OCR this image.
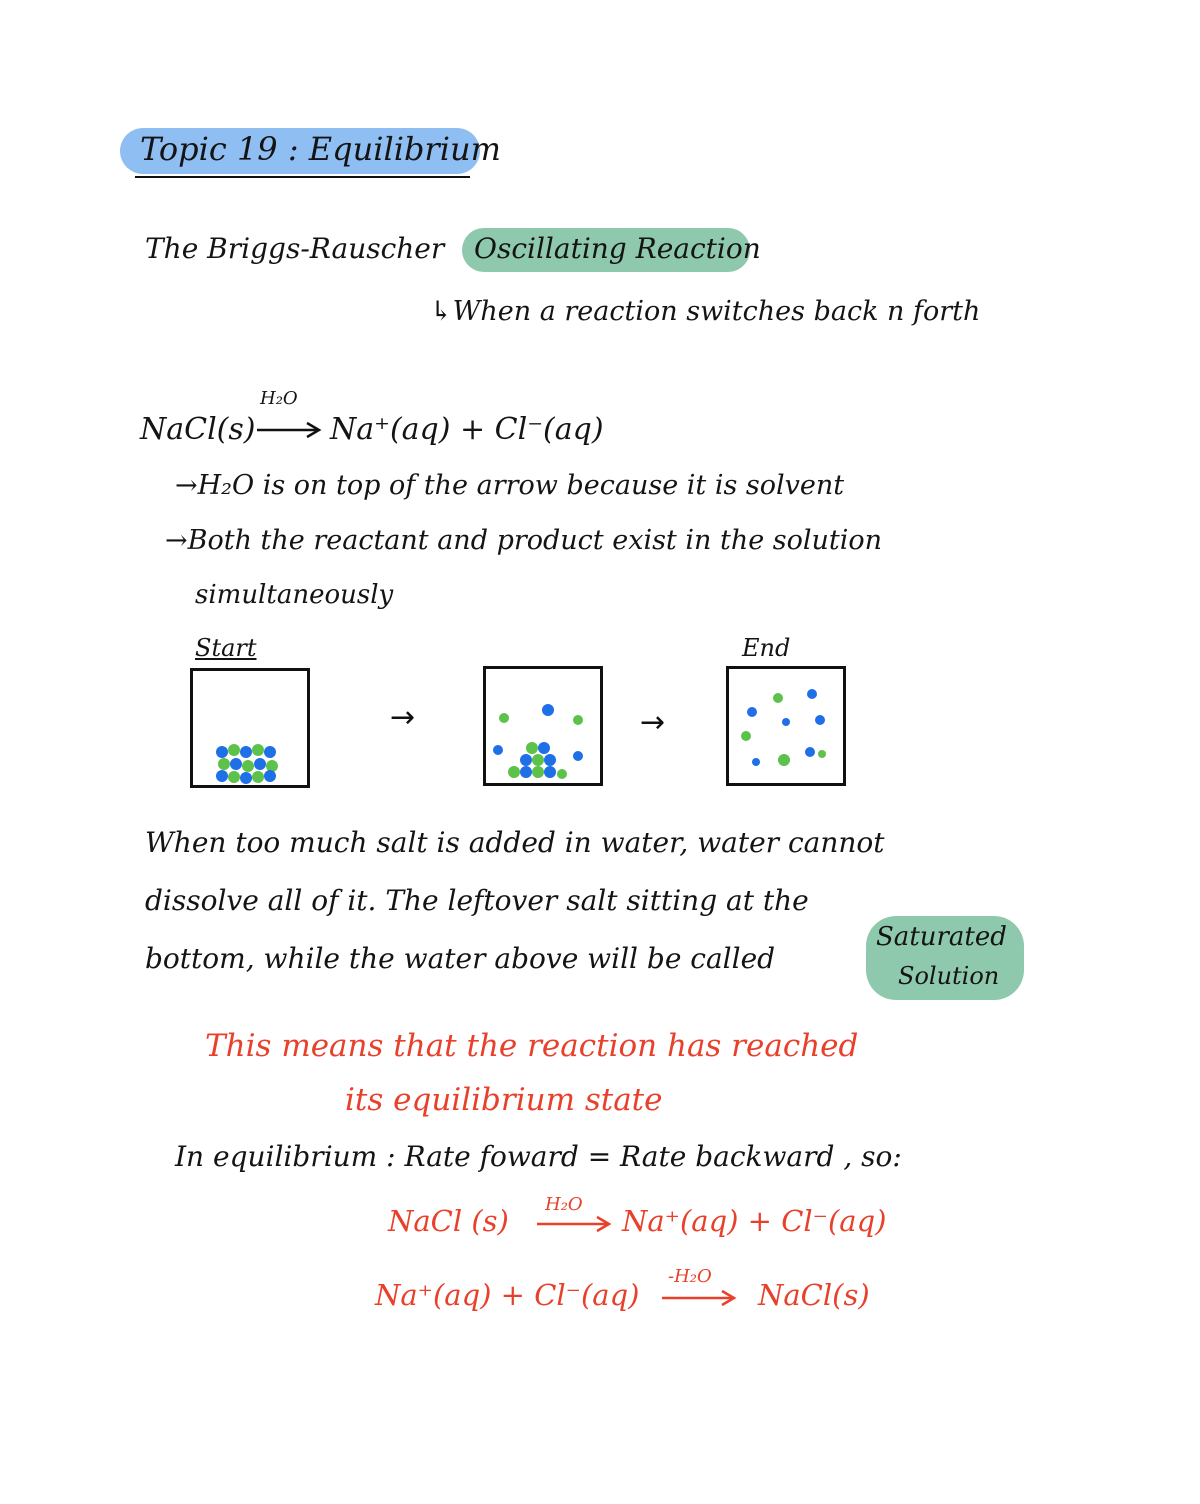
Topic 19 : Equilibrium
The Briggs-Rauscher Oscillating Reaction
↳When a reaction switches back n forth
NaCl(s)
H₂O
Na⁺(aq) + Cl⁻(aq)
→H₂O is on top of the arrow because it is solvent
→Both the reactant and product exist in the solution
simultaneously
Start	End
→	→
When too much salt is added in water, water cannot
dissolve all of it. The leftover salt sitting at the
bottom, while the water above will be called
Saturated
Solution
This means that the reaction has reached
its equilibrium state
In equilibrium : Rate foward = Rate backward , so:
NaCl (s) H₂O Na⁺(aq) + Cl⁻(aq)
Na⁺(aq) + Cl⁻(aq)
-H₂O
NaCl(s)
